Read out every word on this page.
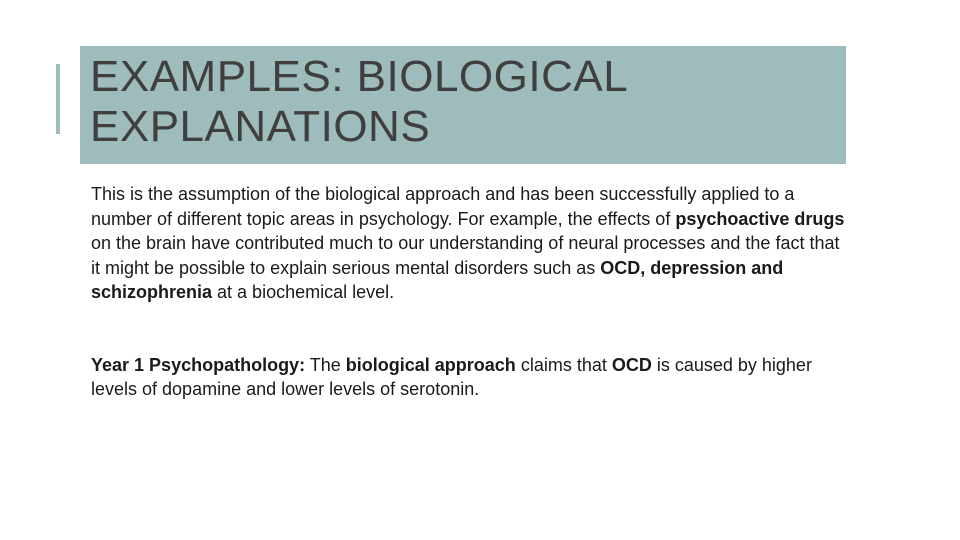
EXAMPLES: BIOLOGICAL
EXPLANATIONS

This is the assumption of the biological approach and has been successfully applied to a number of different topic areas in psychology. For example, the effects of psychoactive drugs on the brain have contributed much to our understanding of neural processes and the fact that it might be possible to explain serious mental disorders such as OCD, depression and schizophrenia at a biochemical level.

Year 1 Psychopathology: The biological approach claims that OCD is caused by higher levels of dopamine and lower levels of serotonin.
